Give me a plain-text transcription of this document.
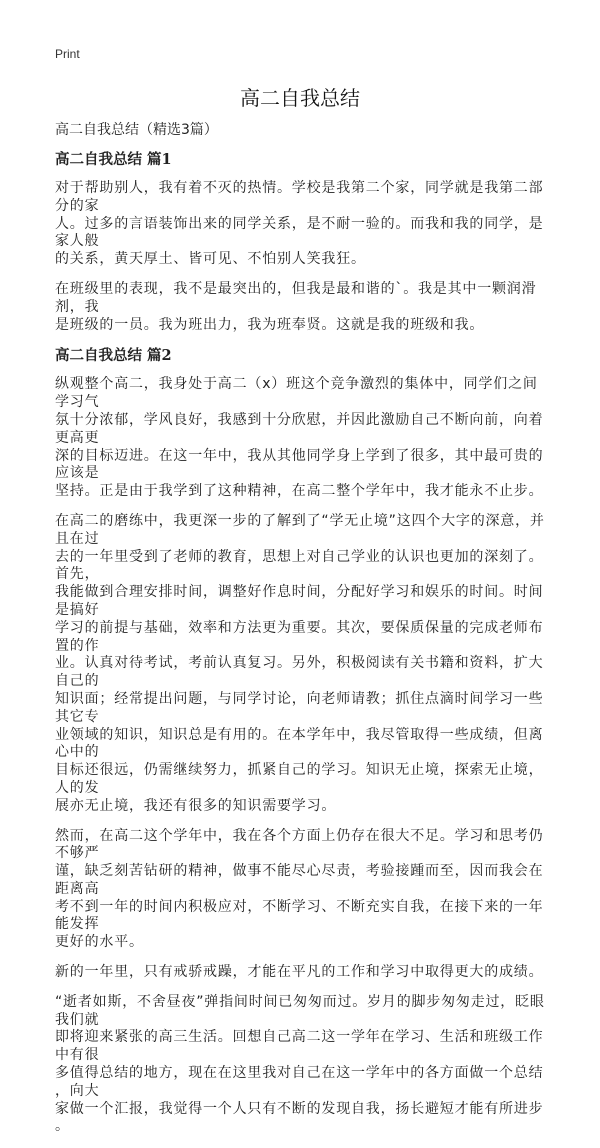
Print
高二自我总结
高二自我总结（精选3篇）
高二自我总结 篇1
对于帮助别人，我有着不灭的热情。学校是我第二个家，同学就是我第二部分的家
人。过多的言语装饰出来的同学关系，是不耐一验的。而我和我的同学，是家人般
的关系，黄天厚土、皆可见、不怕别人笑我狂。
在班级里的表现，我不是最突出的，但我是最和谐的`。我是其中一颗润滑剂，我
是班级的一员。我为班出力，我为班奉贤。这就是我的班级和我。
高二自我总结 篇2
纵观整个高二，我身处于高二（x）班这个竞争激烈的集体中，同学们之间学习气
氛十分浓郁，学风良好，我感到十分欣慰，并因此激励自己不断向前，向着更高更
深的目标迈进。在这一年中，我从其他同学身上学到了很多，其中最可贵的应该是
坚持。正是由于我学到了这种精神，在高二整个学年中，我才能永不止步。
在高二的磨练中，我更深一步的了解到了“学无止境”这四个大字的深意，并且在过
去的一年里受到了老师的教育，思想上对自己学业的认识也更加的深刻了。首先，
我能做到合理安排时间，调整好作息时间，分配好学习和娱乐的时间。时间是搞好
学习的前提与基础，效率和方法更为重要。其次，要保质保量的完成老师布置的作
业。认真对待考试，考前认真复习。另外，积极阅读有关书籍和资料，扩大自己的
知识面；经常提出问题，与同学讨论，向老师请教；抓住点滴时间学习一些其它专
业领域的知识，知识总是有用的。在本学年中，我尽管取得一些成绩，但离心中的
目标还很远，仍需继续努力，抓紧自己的学习。知识无止境，探索无止境，人的发
展亦无止境，我还有很多的知识需要学习。
然而，在高二这个学年中，我在各个方面上仍存在很大不足。学习和思考仍不够严
谨，缺乏刻苦钻研的精神，做事不能尽心尽责，考验接踵而至，因而我会在距离高
考不到一年的时间内积极应对，不断学习、不断充实自我，在接下来的一年能发挥
更好的水平。
新的一年里，只有戒骄戒躁，才能在平凡的工作和学习中取得更大的成绩。
“逝者如斯，不舍昼夜”弹指间时间已匆匆而过。岁月的脚步匆匆走过，眨眼我们就
即将迎来紧张的高三生活。回想自己高二这一学年在学习、生活和班级工作中有很
多值得总结的地方，现在在这里我对自己在这一学年中的各方面做一个总结，向大
家做一个汇报，我觉得一个人只有不断的发现自我，扬长避短才能有所进步。
